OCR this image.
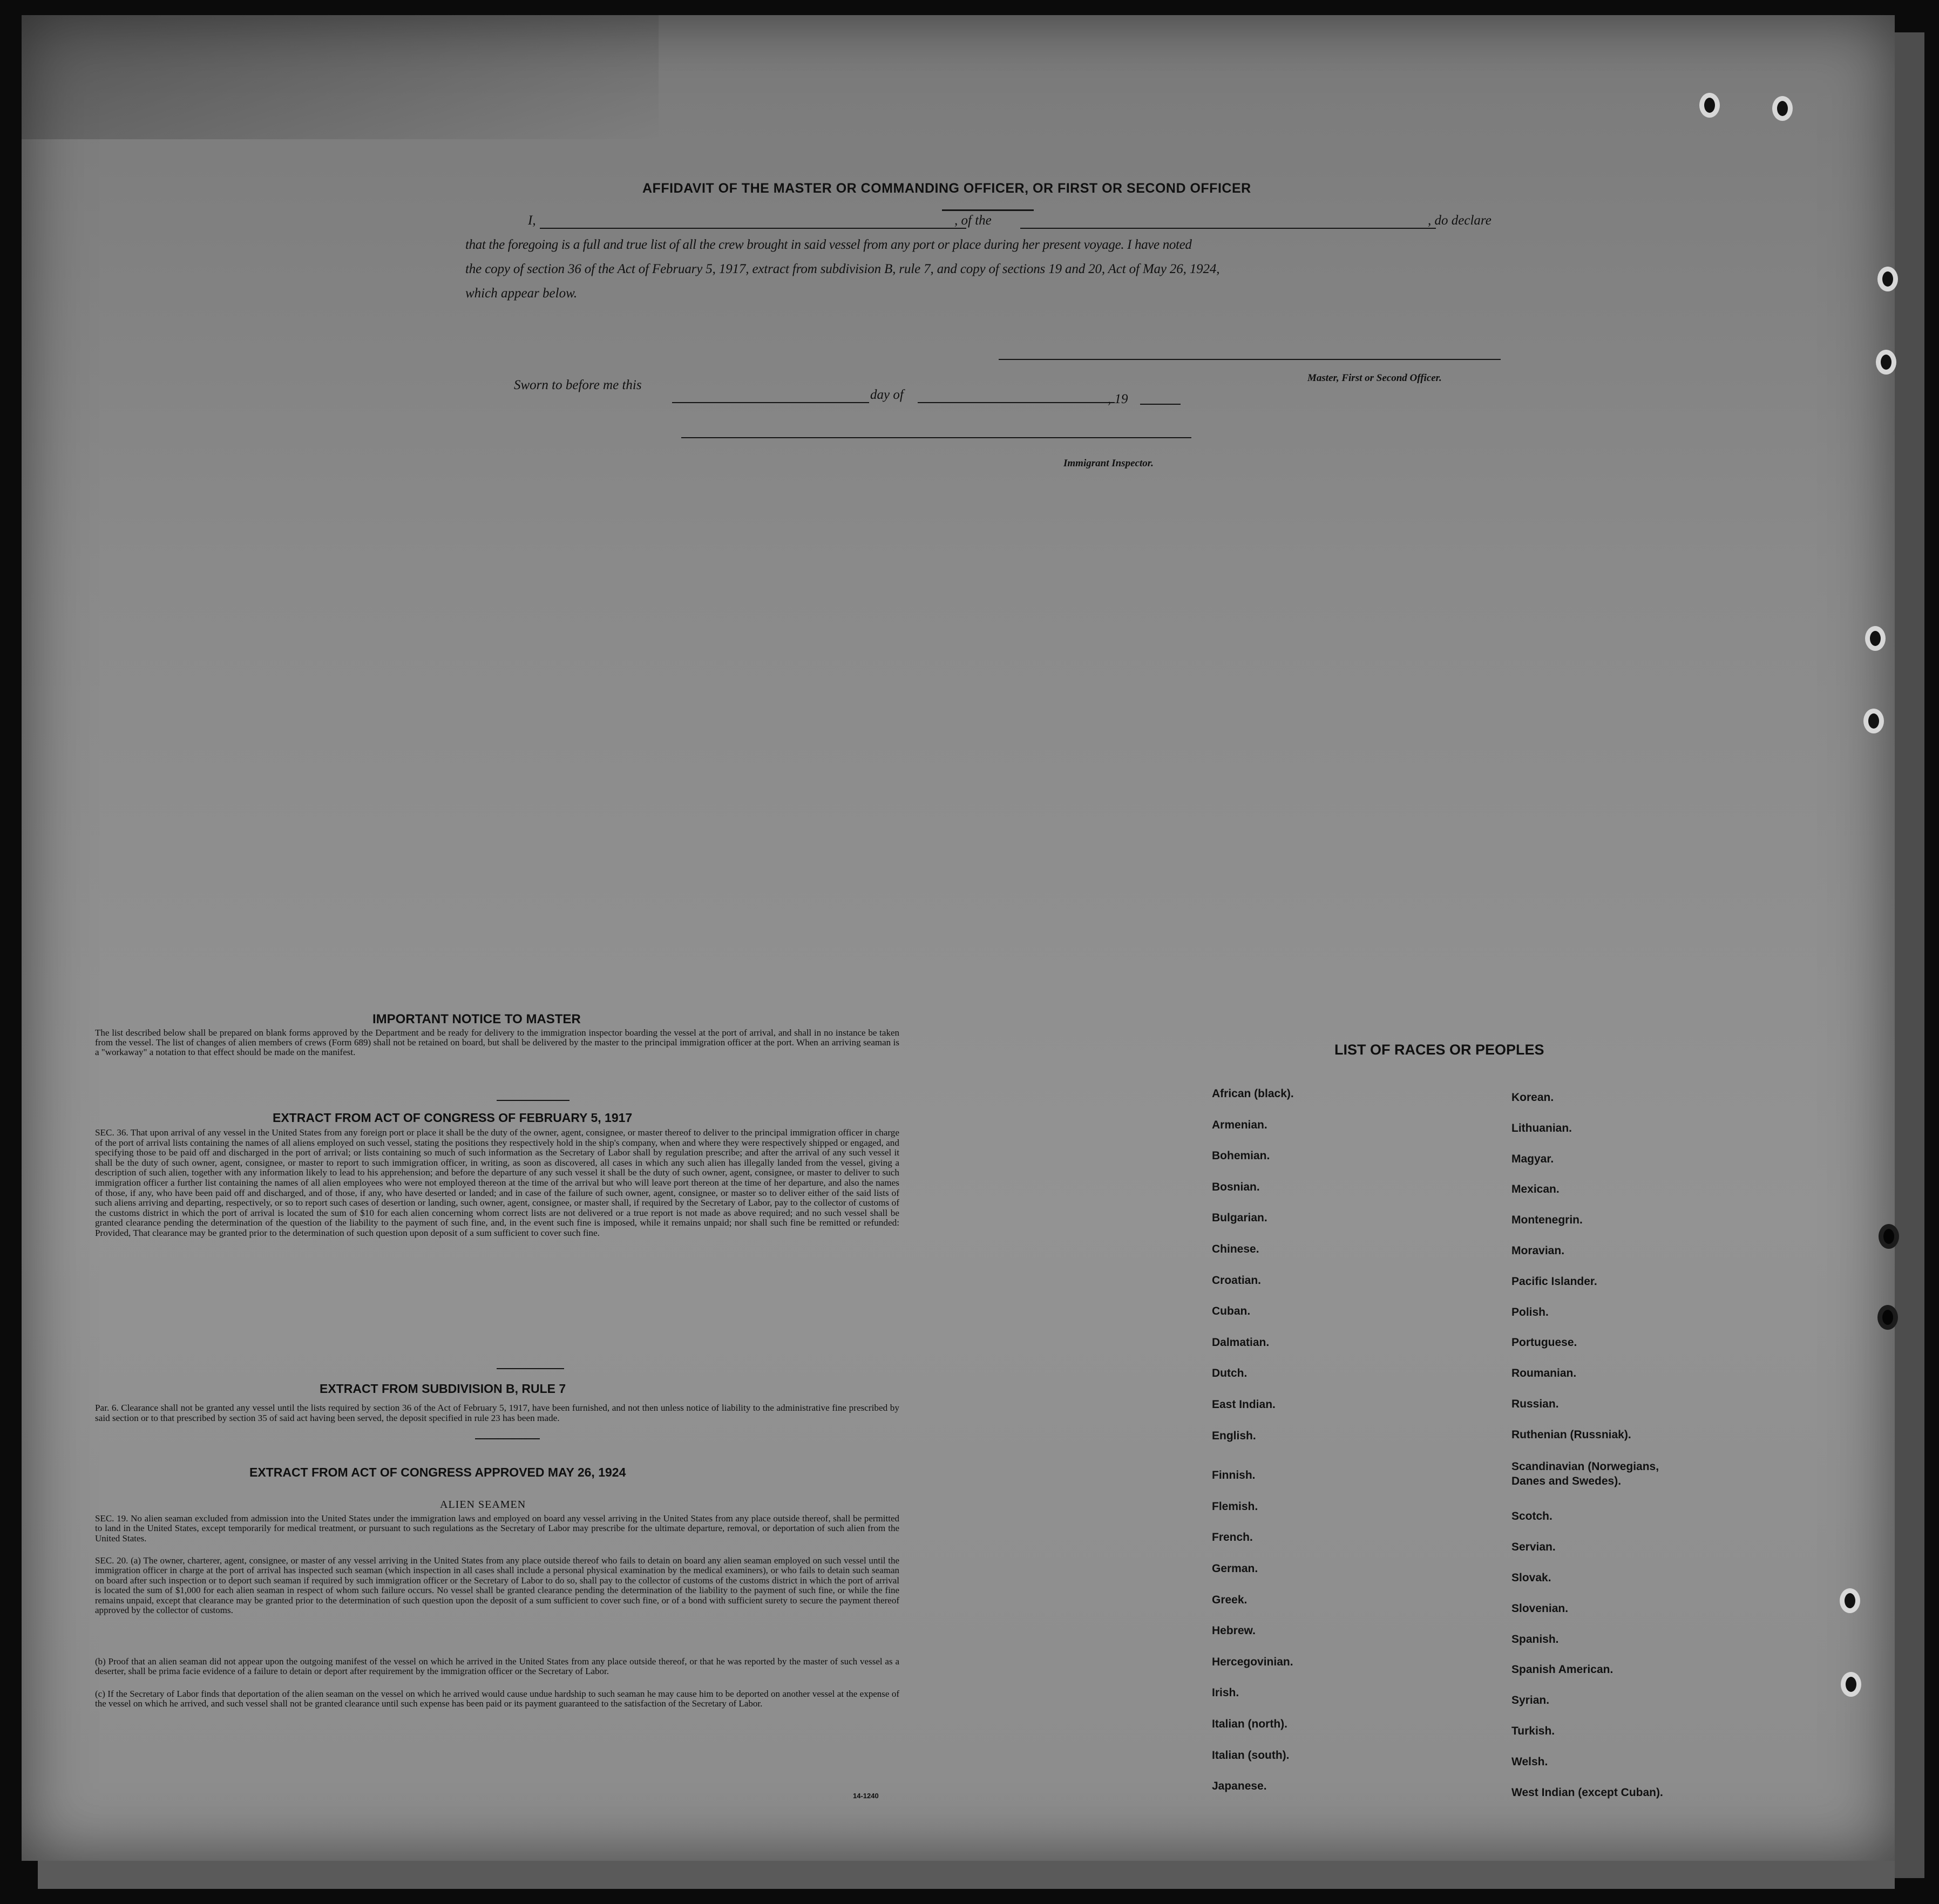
AFFIDAVIT OF THE MASTER OR COMMANDING OFFICER, OR FIRST OR SECOND OFFICER
I,	, of the	, do declare
that the foregoing is a full and true list of all the crew brought in said vessel from any port or place during her present voyage. I have noted
the copy of section 36 of the Act of February 5, 1917, extract from subdivision B, rule 7, and copy of sections 19 and 20, Act of May 26, 1924,
which appear below.
Master, First or Second Officer.
Sworn to before me this
day of	, 19
Immigrant Inspector.
IMPORTANT NOTICE TO MASTER
The list described below shall be prepared on blank forms approved by the Department and be ready for delivery to the immigration inspector boarding the vessel at the port of arrival, and shall in no instance be taken from the vessel. The list of changes of alien members of crews (Form 689) shall not be retained on board, but shall be delivered by the master to the principal immigration officer at the port. When an arriving seaman is a "workaway" a notation to that effect should be made on the manifest.
EXTRACT FROM ACT OF CONGRESS OF FEBRUARY 5, 1917
SEC. 36. That upon arrival of any vessel in the United States from any foreign port or place it shall be the duty of the owner, agent, consignee, or master thereof to deliver to the principal immigration officer in charge of the port of arrival lists containing the names of all aliens employed on such vessel, stating the positions they respectively hold in the ship's company, when and where they were respectively shipped or engaged, and specifying those to be paid off and discharged in the port of arrival; or lists containing so much of such information as the Secretary of Labor shall by regulation prescribe; and after the arrival of any such vessel it shall be the duty of such owner, agent, consignee, or master to report to such immigration officer, in writing, as soon as discovered, all cases in which any such alien has illegally landed from the vessel, giving a description of such alien, together with any information likely to lead to his apprehension; and before the departure of any such vessel it shall be the duty of such owner, agent, consignee, or master to deliver to such immigration officer a further list containing the names of all alien employees who were not employed thereon at the time of the arrival but who will leave port thereon at the time of her departure, and also the names of those, if any, who have been paid off and discharged, and of those, if any, who have deserted or landed; and in case of the failure of such owner, agent, consignee, or master so to deliver either of the said lists of such aliens arriving and departing, respectively, or so to report such cases of desertion or landing, such owner, agent, consignee, or master shall, if required by the Secretary of Labor, pay to the collector of customs of the customs district in which the port of arrival is located the sum of $10 for each alien concerning whom correct lists are not delivered or a true report is not made as above required; and no such vessel shall be granted clearance pending the determination of the question of the liability to the payment of such fine, and, in the event such fine is imposed, while it remains unpaid; nor shall such fine be remitted or refunded: Provided, That clearance may be granted prior to the determination of such question upon deposit of a sum sufficient to cover such fine.
EXTRACT FROM SUBDIVISION B, RULE 7
Par. 6. Clearance shall not be granted any vessel until the lists required by section 36 of the Act of February 5, 1917, have been furnished, and not then unless notice of liability to the administrative fine prescribed by said section or to that prescribed by section 35 of said act having been served, the deposit specified in rule 23 has been made.
EXTRACT FROM ACT OF CONGRESS APPROVED MAY 26, 1924
ALIEN SEAMEN
SEC. 19. No alien seaman excluded from admission into the United States under the immigration laws and employed on board any vessel arriving in the United States from any place outside thereof, shall be permitted to land in the United States, except temporarily for medical treatment, or pursuant to such regulations as the Secretary of Labor may prescribe for the ultimate departure, removal, or deportation of such alien from the United States.
SEC. 20. (a) The owner, charterer, agent, consignee, or master of any vessel arriving in the United States from any place outside thereof who fails to detain on board any alien seaman employed on such vessel until the immigration officer in charge at the port of arrival has inspected such seaman (which inspection in all cases shall include a personal physical examination by the medical examiners), or who fails to detain such seaman on board after such inspection or to deport such seaman if required by such immigration officer or the Secretary of Labor to do so, shall pay to the collector of customs of the customs district in which the port of arrival is located the sum of $1,000 for each alien seaman in respect of whom such failure occurs. No vessel shall be granted clearance pending the determination of the liability to the payment of such fine, or while the fine remains unpaid, except that clearance may be granted prior to the determination of such question upon the deposit of a sum sufficient to cover such fine, or of a bond with sufficient surety to secure the payment thereof approved by the collector of customs.
(b) Proof that an alien seaman did not appear upon the outgoing manifest of the vessel on which he arrived in the United States from any place outside thereof, or that he was reported by the master of such vessel as a deserter, shall be prima facie evidence of a failure to detain or deport after requirement by the immigration officer or the Secretary of Labor.
(c) If the Secretary of Labor finds that deportation of the alien seaman on the vessel on which he arrived would cause undue hardship to such seaman he may cause him to be deported on another vessel at the expense of the vessel on which he arrived, and such vessel shall not be granted clearance until such expense has been paid or its payment guaranteed to the satisfaction of the Secretary of Labor.
14-1240
LIST OF RACES OR PEOPLES
African (black).
Armenian.
Bohemian.
Bosnian.
Bulgarian.
Chinese.
Croatian.
Cuban.
Dalmatian.
Dutch.
East Indian.
English.
Finnish.
Flemish.
French.
German.
Greek.
Hebrew.
Hercegovinian.
Irish.
Italian (north).
Italian (south).
Japanese.
Korean.
Lithuanian.
Magyar.
Mexican.
Montenegrin.
Moravian.
Pacific Islander.
Polish.
Portuguese.
Roumanian.
Russian.
Ruthenian (Russniak).
Scandinavian (Norwegians, Danes and Swedes).
Scotch.
Servian.
Slovak.
Slovenian.
Spanish.
Spanish American.
Syrian.
Turkish.
Welsh.
West Indian (except Cuban).
